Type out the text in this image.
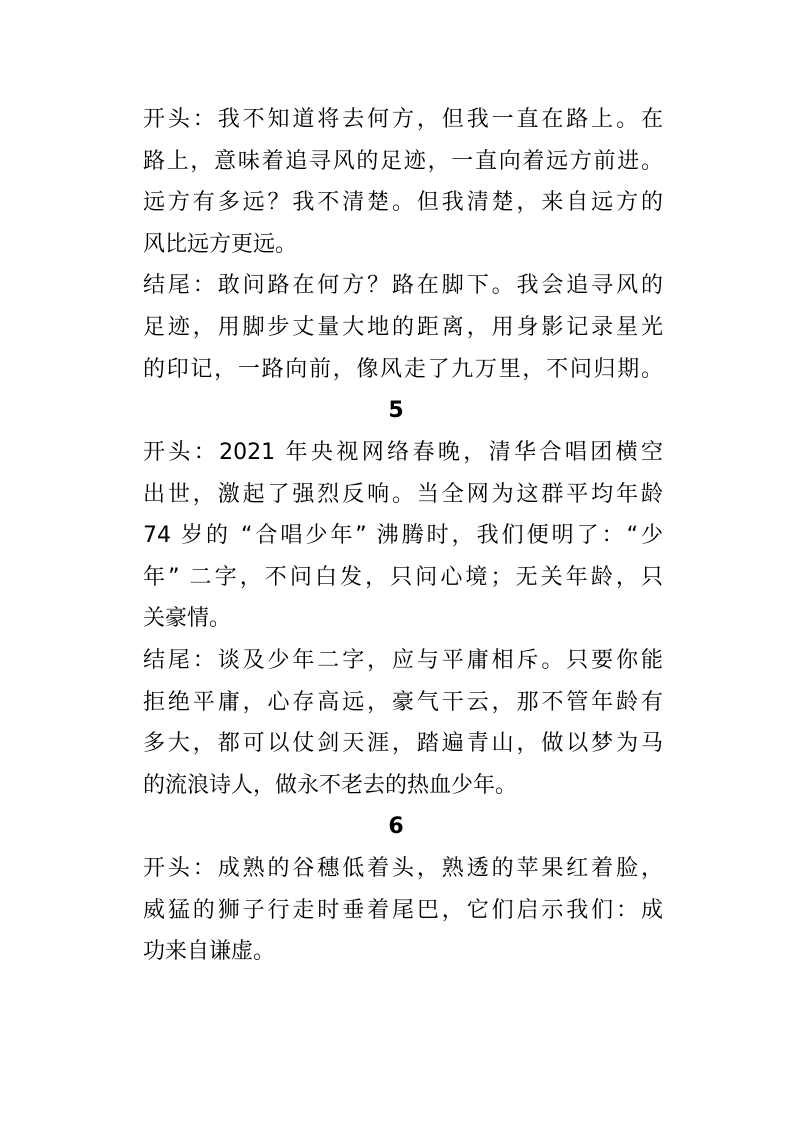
开头：我不知道将去何方，但我一直在路上。在
路上，意味着追寻风的足迹，一直向着远方前进。
远方有多远？我不清楚。但我清楚，来自远方的
风比远方更远。
结尾：敢问路在何方？路在脚下。我会追寻风的
足迹，用脚步丈量大地的距离，用身影记录星光
的印记，一路向前，像风走了九万里，不问归期。
5
开头：2021 年央视网络春晚，清华合唱团横空
出世，激起了强烈反响。当全网为这群平均年龄
74 岁的 “合唱少年” 沸腾时，我们便明了：“少
年” 二字，不问白发，只问心境；无关年龄，只
关豪情。
结尾：谈及少年二字，应与平庸相斥。只要你能
拒绝平庸，心存高远，豪气干云，那不管年龄有
多大，都可以仗剑天涯，踏遍青山，做以梦为马
的流浪诗人，做永不老去的热血少年。
6
开头：成熟的谷穗低着头，熟透的苹果红着脸，
威猛的狮子行走时垂着尾巴，它们启示我们：成
功来自谦虚。
